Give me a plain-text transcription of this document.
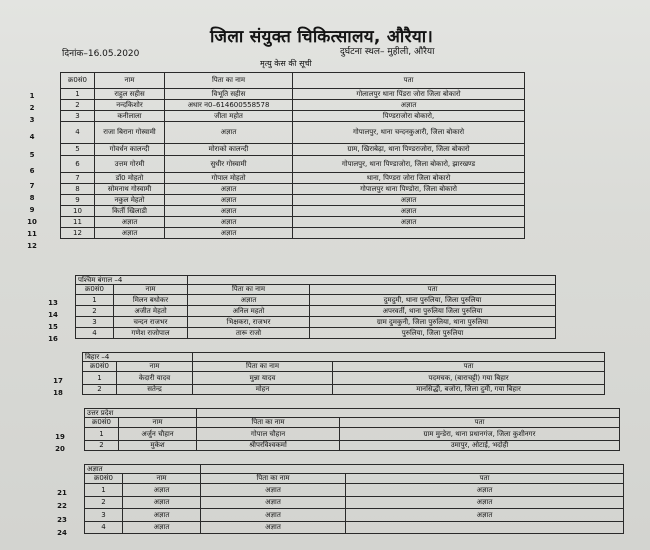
जिला संयुक्त चिकित्सालय, औरैया।
दिनांक–16.05.2020	दुर्घटना स्थल– मुहीली, औरैया
मृत्यु केस की सूची
1
2
3
4
5
6
7
8
9
10
11
12
क्र0सं0	नाम	पिता का नाम	पता
1	राहुल सहीस	विभूति सहीस	गोलालपुर थाना पिंडरा जोरा जिला बोकारो
2	नन्दकिशोर	अधार न0–614600558578	अज्ञात
3	कनीलाला	जीता महोत	पिण्डराजोरा बोकारो,
4	राजा बिराना गोस्वामी	अज्ञात	गोपालपुर, थाना चन्दनकुआरी, जिला बोकारो
5	गोवर्धन कालन्दी	मोराको कालन्दी	ग्राम, खिराबेढ़ा, थाना पिण्डराजोरा, जिला बोकारो
6	उत्तम गोरमी	सुधीर गोस्वामी	गोपालपुर, थाना पिण्डाजोरा, जिला बोकारो, झारखण्ड
7	डॉ0 मोहतो	गोपाल मोहतो	थाना, पिण्डरा जोरा जिला बोकारो
8	सोमनाथ गोस्वामी	अज्ञात	गोपालपुर थाना पिण्डोरा, जिला बोकारो
9	नकुल मेहतो	अज्ञात	अज्ञात
10	किर्ती खिलाडी	अज्ञात	अज्ञात
11	अज्ञात	अज्ञात	अज्ञात
12	अज्ञात	अज्ञात	
13
14
15
16
पश्चिम बंगाल –4			
क्र0सं0	नाम	पिता का नाम	पता
1	मिलन बधोकर	अज्ञात	दुमदुमी, थाना पुरुलिया, जिला पुरुलिया
2	अजीत मेहतो	अनिल महतो	अपरवर्ती, थाना पुरुलिया जिला पुरुलिया
3	चन्दन राजभर	भिक्षकरा, राजभर	ग्राम दुमकुनी, जिला पुरुलिया, थाना पुरुलिया
4	गणेश राजोपाल	तारू राजो	पुरुलिया, जिला पुरुलिया
17
18
बिहार –4			
क्र0सं0	नाम	पिता का नाम	पता
1	केदारी यादव	मुन्ना यादव	पदमचक, (बाराचट्टी) गया बिहार
2	सतेन्द्र	मोहन	मानसिद्धी, बजोरा, जिला दुमी, गया बिहार
19
20
उत्तर प्रदेश			
क्र0सं0	नाम	पिता का नाम	पता
1	अर्जुन चौहान	गोपाल चौहान	ग्राम मुन्डेरा, थाना प्रधानगंज, जिला कुशीनगर
2	मुकेश	श्रीपरविश्वकर्मा	उमापुर, ओटाई, भदोही
21
22
23
24
अज्ञात			
क्र0सं0	नाम	पिता का नाम	पता
1	अज्ञात	अज्ञात	अज्ञात
2	अज्ञात	अज्ञात	अज्ञात
3	अज्ञात	अज्ञात	अज्ञात
4	अज्ञात	अज्ञात	
